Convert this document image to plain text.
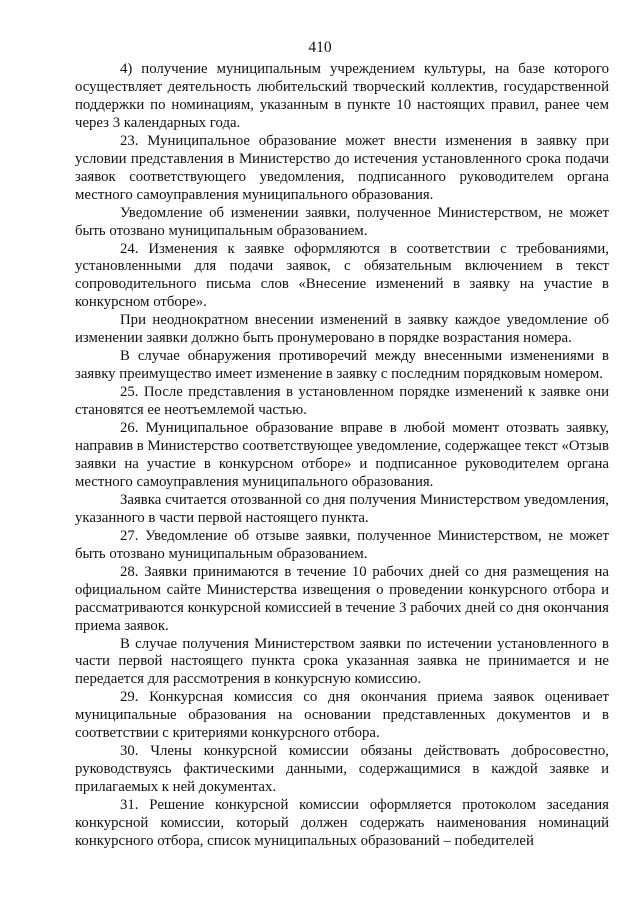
410

4) получение муниципальным учреждением культуры, на базе которого осуществляет деятельность любительский творческий коллектив, государственной поддержки по номинациям, указанным в пункте 10 настоящих правил, ранее чем через 3 календарных года.

23. Муниципальное образование может внести изменения в заявку при условии представления в Министерство до истечения установленного срока подачи заявок соответствующего уведомления, подписанного руководителем органа местного самоуправления муниципального образования.

Уведомление об изменении заявки, полученное Министерством, не может быть отозвано муниципальным образованием.

24. Изменения к заявке оформляются в соответствии с требованиями, установленными для подачи заявок, с обязательным включением в текст сопроводительного письма слов «Внесение изменений в заявку на участие в конкурсном отборе».

При неоднократном внесении изменений в заявку каждое уведомление об изменении заявки должно быть пронумеровано в порядке возрастания номера.

В случае обнаружения противоречий между внесенными изменениями в заявку преимущество имеет изменение в заявку с последним порядковым номером.

25. После представления в установленном порядке изменений к заявке они становятся ее неотъемлемой частью.

26. Муниципальное образование вправе в любой момент отозвать заявку, направив в Министерство соответствующее уведомление, содержащее текст «Отзыв заявки на участие в конкурсном отборе» и подписанное руководителем органа местного самоуправления муниципального образования.

Заявка считается отозванной со дня получения Министерством уведомления, указанного в части первой настоящего пункта.

27. Уведомление об отзыве заявки, полученное Министерством, не может быть отозвано муниципальным образованием.

28. Заявки принимаются в течение 10 рабочих дней со дня размещения на официальном сайте Министерства извещения о проведении конкурсного отбора и рассматриваются конкурсной комиссией в течение 3 рабочих дней со дня окончания приема заявок.

В случае получения Министерством заявки по истечении установленного в части первой настоящего пункта срока указанная заявка не принимается и не передается для рассмотрения в конкурсную комиссию.

29. Конкурсная комиссия со дня окончания приема заявок оценивает муниципальные образования на основании представленных документов и в соответствии с критериями конкурсного отбора.

30. Члены конкурсной комиссии обязаны действовать добросовестно, руководствуясь фактическими данными, содержащимися в каждой заявке и прилагаемых к ней документах.

31. Решение конкурсной комиссии оформляется протоколом заседания конкурсной комиссии, который должен содержать наименования номинаций конкурсного отбора, список муниципальных образований – победителей
